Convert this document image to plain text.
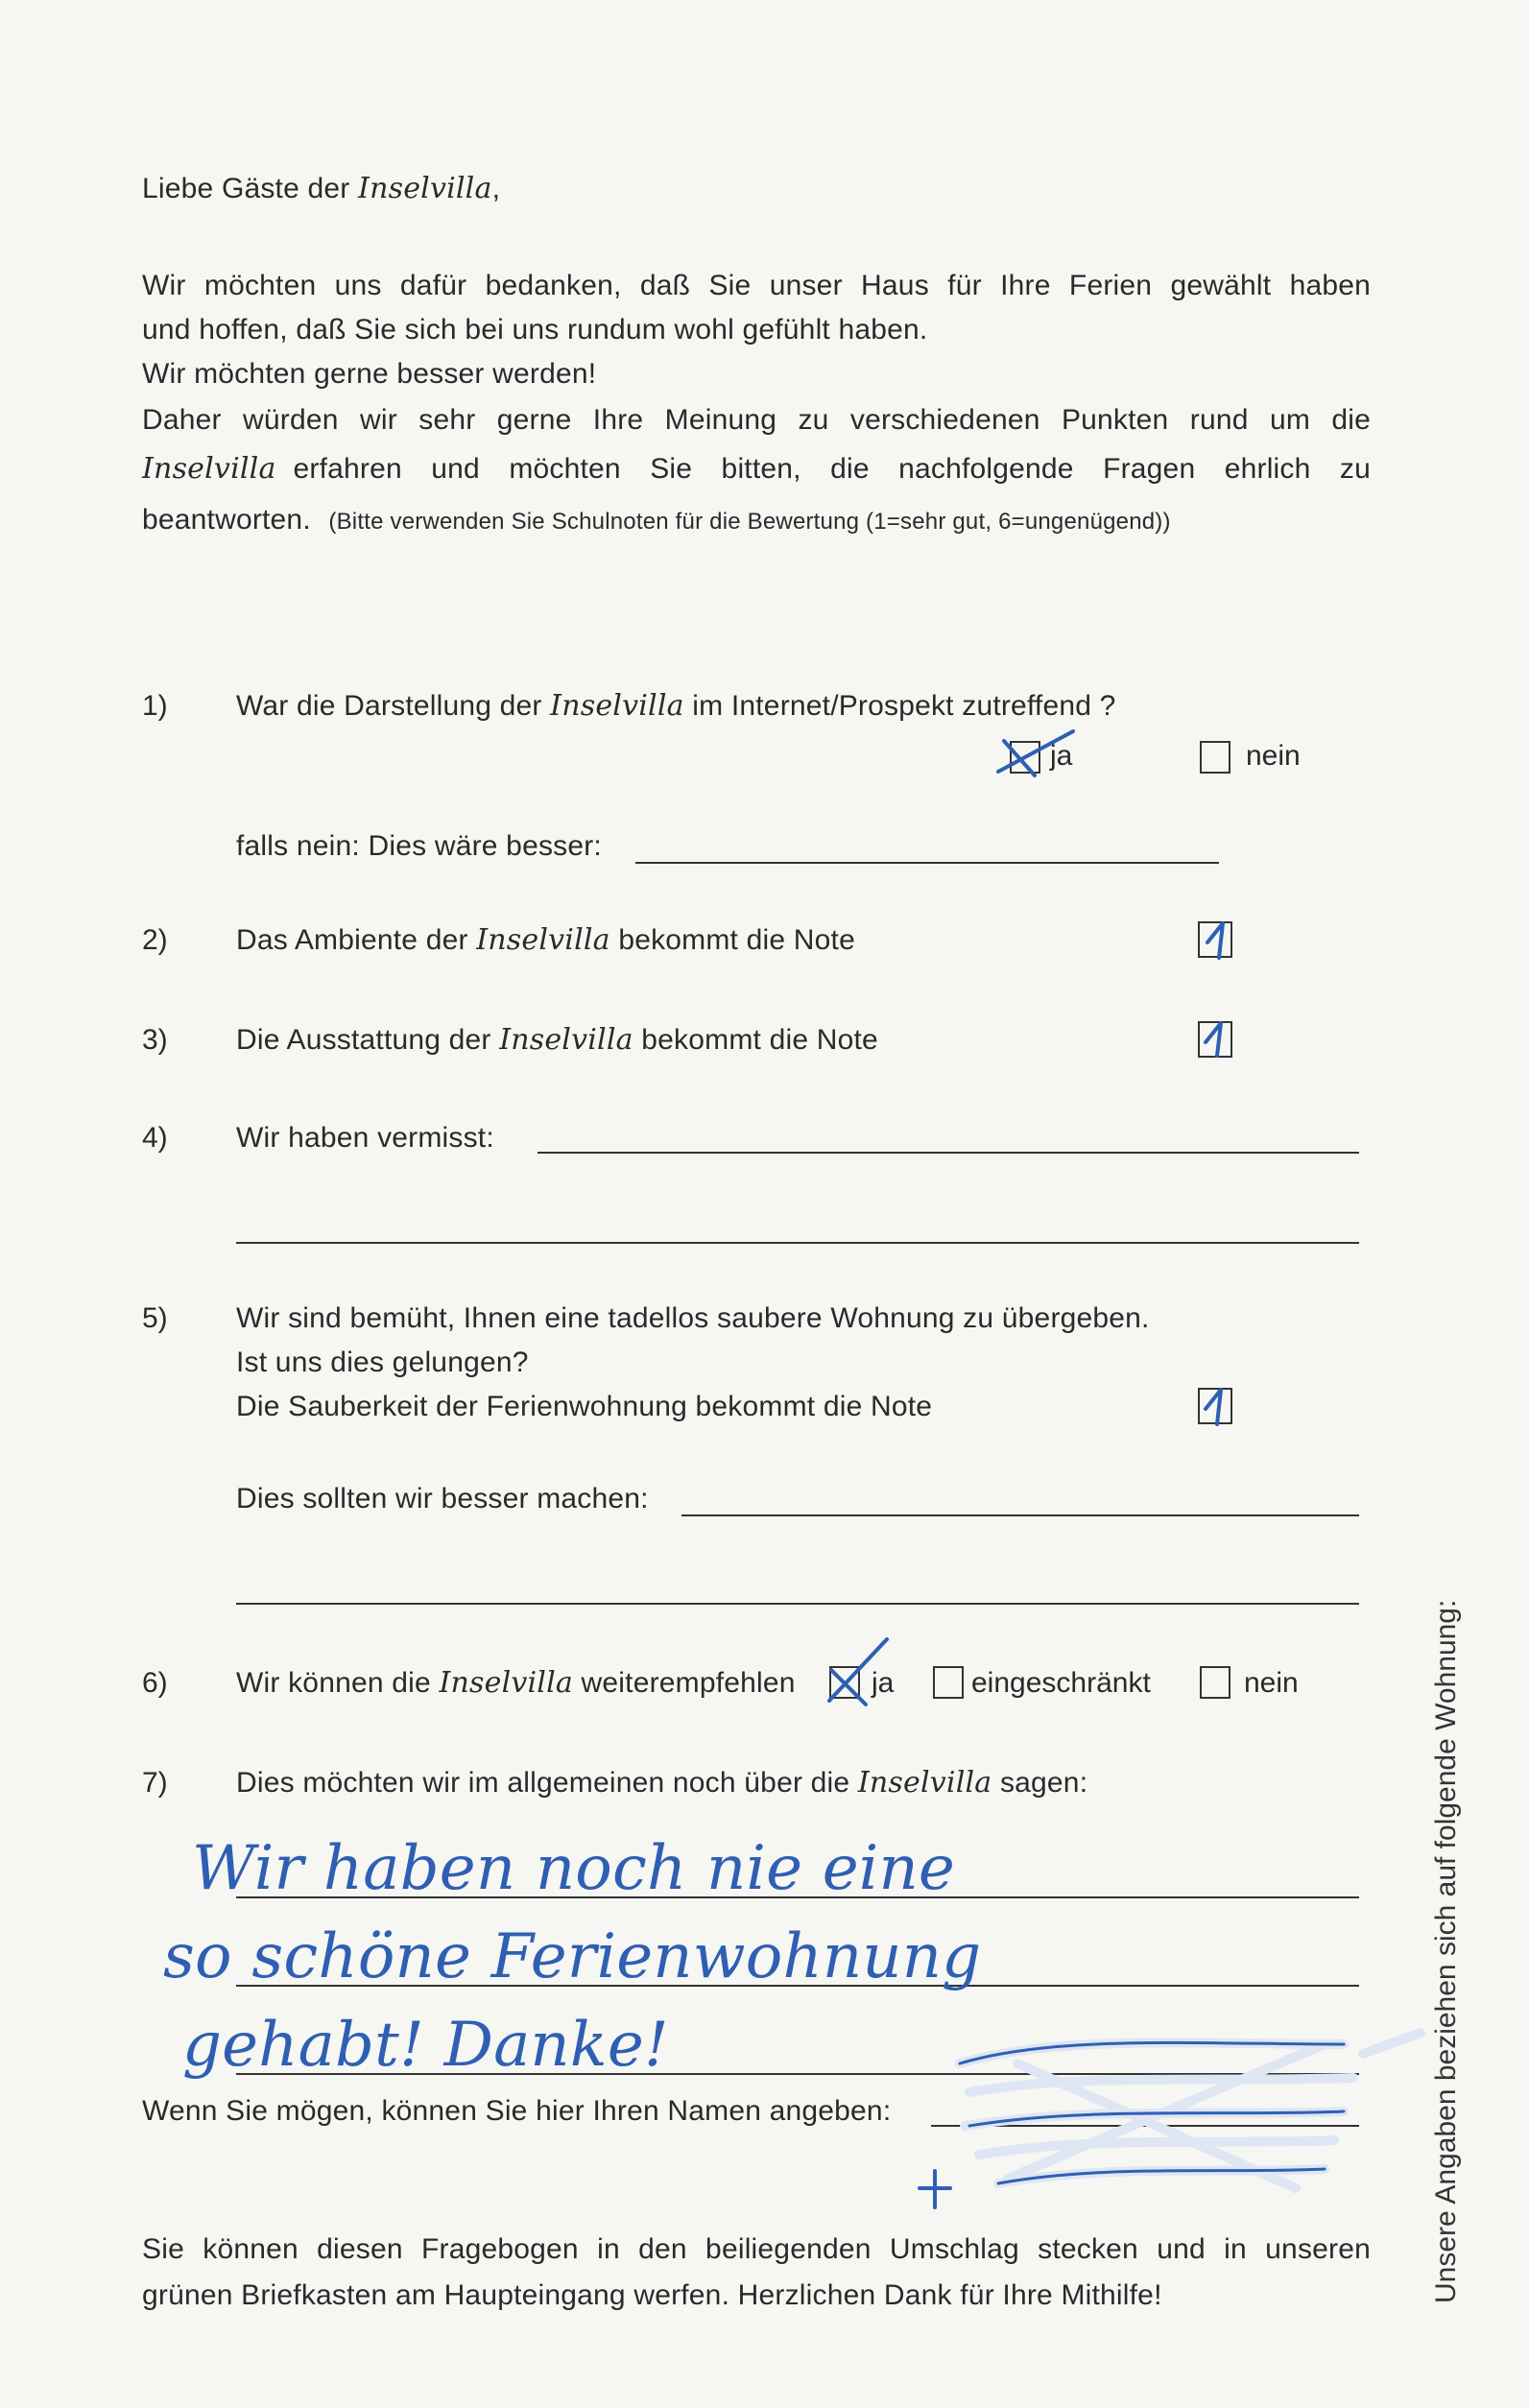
Liebe Gäste der Inselvilla,
Wir möchten uns dafür bedanken, daß Sie unser Haus für Ihre Ferien gewählt haben
und hoffen, daß Sie sich bei uns rundum wohl gefühlt haben.
Wir möchten gerne besser werden!
Daher würden wir sehr gerne Ihre Meinung zu verschiedenen Punkten rund um die
Inselvilla erfahren und möchten Sie bitten, die nachfolgende Fragen ehrlich zu
beantworten. (Bitte verwenden Sie Schulnoten für die Bewertung (1=sehr gut, 6=ungenügend))
1) War die Darstellung der Inselvilla im Internet/Prospekt zutreffend ?
ja	nein
falls nein: Dies wäre besser:
2) Das Ambiente der Inselvilla bekommt die Note
3) Die Ausstattung der Inselvilla bekommt die Note
4) Wir haben vermisst:
5) Wir sind bemüht, Ihnen eine tadellos saubere Wohnung zu übergeben.
Ist uns dies gelungen?
Die Sauberkeit der Ferienwohnung bekommt die Note
Dies sollten wir besser machen:
6) Wir können die Inselvilla weiterempfehlen	ja	eingeschränkt	nein
7) Dies möchten wir im allgemeinen noch über die Inselvilla sagen:
Wir haben noch nie eine
so schöne Ferienwohnung
gehabt! Danke!
Wenn Sie mögen, können Sie hier Ihren Namen angeben:
Sie können diesen Fragebogen in den beiliegenden Umschlag stecken und in unseren
grünen Briefkasten am Haupteingang werfen. Herzlichen Dank für Ihre Mithilfe!	Unsere Angaben beziehen sich auf folgende Wohnung:
